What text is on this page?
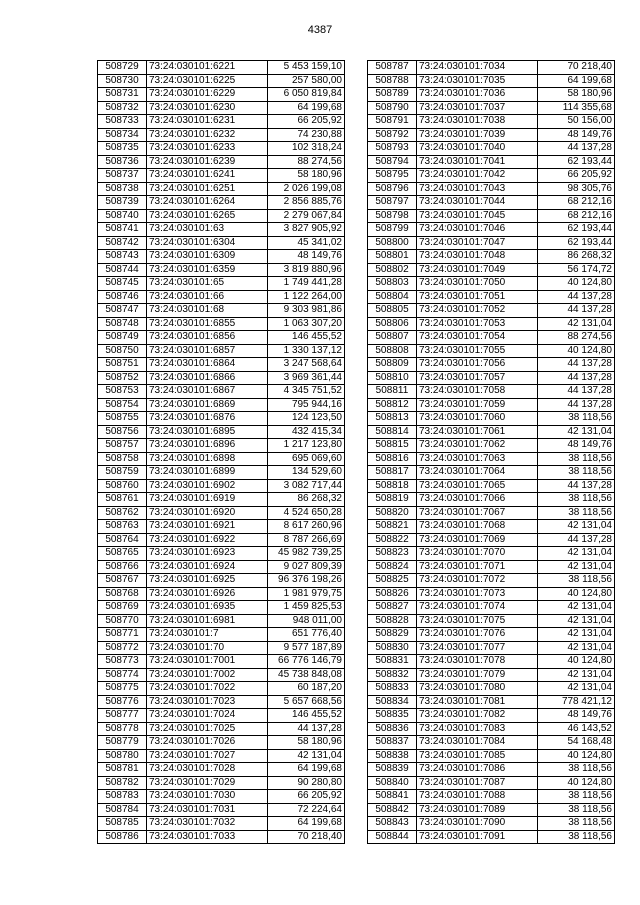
4387
508729	73:24:030101:6221	5 453 159,10
508730	73:24:030101:6225	257 580,00
508731	73:24:030101:6229	6 050 819,84
508732	73:24:030101:6230	64 199,68
508733	73:24:030101:6231	66 205,92
508734	73:24:030101:6232	74 230,88
508735	73:24:030101:6233	102 318,24
508736	73:24:030101:6239	88 274,56
508737	73:24:030101:6241	58 180,96
508738	73:24:030101:6251	2 026 199,08
508739	73:24:030101:6264	2 856 885,76
508740	73:24:030101:6265	2 279 067,84
508741	73:24:030101:63	3 827 905,92
508742	73:24:030101:6304	45 341,02
508743	73:24:030101:6309	48 149,76
508744	73:24:030101:6359	3 819 880,96
508745	73:24:030101:65	1 749 441,28
508746	73:24:030101:66	1 122 264,00
508747	73:24:030101:68	9 303 981,86
508748	73:24:030101:6855	1 063 307,20
508749	73:24:030101:6856	146 455,52
508750	73:24:030101:6857	1 330 137,12
508751	73:24:030101:6864	3 247 568,64
508752	73:24:030101:6866	3 969 361,44
508753	73:24:030101:6867	4 345 751,52
508754	73:24:030101:6869	795 944,16
508755	73:24:030101:6876	124 123,50
508756	73:24:030101:6895	432 415,34
508757	73:24:030101:6896	1 217 123,80
508758	73:24:030101:6898	695 069,60
508759	73:24:030101:6899	134 529,60
508760	73:24:030101:6902	3 082 717,44
508761	73:24:030101:6919	86 268,32
508762	73:24:030101:6920	4 524 650,28
508763	73:24:030101:6921	8 617 260,96
508764	73:24:030101:6922	8 787 266,69
508765	73:24:030101:6923	45 982 739,25
508766	73:24:030101:6924	9 027 809,39
508767	73:24:030101:6925	96 376 198,26
508768	73:24:030101:6926	1 981 979,75
508769	73:24:030101:6935	1 459 825,53
508770	73:24:030101:6981	948 011,00
508771	73:24:030101:7	651 776,40
508772	73:24:030101:70	9 577 187,89
508773	73:24:030101:7001	66 776 146,79
508774	73:24:030101:7002	45 738 848,08
508775	73:24:030101:7022	60 187,20
508776	73:24:030101:7023	5 657 668,56
508777	73:24:030101:7024	146 455,52
508778	73:24:030101:7025	44 137,28
508779	73:24:030101:7026	58 180,96
508780	73:24:030101:7027	42 131,04
508781	73:24:030101:7028	64 199,68
508782	73:24:030101:7029	90 280,80
508783	73:24:030101:7030	66 205,92
508784	73:24:030101:7031	72 224,64
508785	73:24:030101:7032	64 199,68
508786	73:24:030101:7033	70 218,40
508787	73:24:030101:7034	70 218,40
508788	73:24:030101:7035	64 199,68
508789	73:24:030101:7036	58 180,96
508790	73:24:030101:7037	114 355,68
508791	73:24:030101:7038	50 156,00
508792	73:24:030101:7039	48 149,76
508793	73:24:030101:7040	44 137,28
508794	73:24:030101:7041	62 193,44
508795	73:24:030101:7042	66 205,92
508796	73:24:030101:7043	98 305,76
508797	73:24:030101:7044	68 212,16
508798	73:24:030101:7045	68 212,16
508799	73:24:030101:7046	62 193,44
508800	73:24:030101:7047	62 193,44
508801	73:24:030101:7048	86 268,32
508802	73:24:030101:7049	56 174,72
508803	73:24:030101:7050	40 124,80
508804	73:24:030101:7051	44 137,28
508805	73:24:030101:7052	44 137,28
508806	73:24:030101:7053	42 131,04
508807	73:24:030101:7054	88 274,56
508808	73:24:030101:7055	40 124,80
508809	73:24:030101:7056	44 137,28
508810	73:24:030101:7057	44 137,28
508811	73:24:030101:7058	44 137,28
508812	73:24:030101:7059	44 137,28
508813	73:24:030101:7060	38 118,56
508814	73:24:030101:7061	42 131,04
508815	73:24:030101:7062	48 149,76
508816	73:24:030101:7063	38 118,56
508817	73:24:030101:7064	38 118,56
508818	73:24:030101:7065	44 137,28
508819	73:24:030101:7066	38 118,56
508820	73:24:030101:7067	38 118,56
508821	73:24:030101:7068	42 131,04
508822	73:24:030101:7069	44 137,28
508823	73:24:030101:7070	42 131,04
508824	73:24:030101:7071	42 131,04
508825	73:24:030101:7072	38 118,56
508826	73:24:030101:7073	40 124,80
508827	73:24:030101:7074	42 131,04
508828	73:24:030101:7075	42 131,04
508829	73:24:030101:7076	42 131,04
508830	73:24:030101:7077	42 131,04
508831	73:24:030101:7078	40 124,80
508832	73:24:030101:7079	42 131,04
508833	73:24:030101:7080	42 131,04
508834	73:24:030101:7081	778 421,12
508835	73:24:030101:7082	48 149,76
508836	73:24:030101:7083	46 143,52
508837	73:24:030101:7084	54 168,48
508838	73:24:030101:7085	40 124,80
508839	73:24:030101:7086	38 118,56
508840	73:24:030101:7087	40 124,80
508841	73:24:030101:7088	38 118,56
508842	73:24:030101:7089	38 118,56
508843	73:24:030101:7090	38 118,56
508844	73:24:030101:7091	38 118,56
